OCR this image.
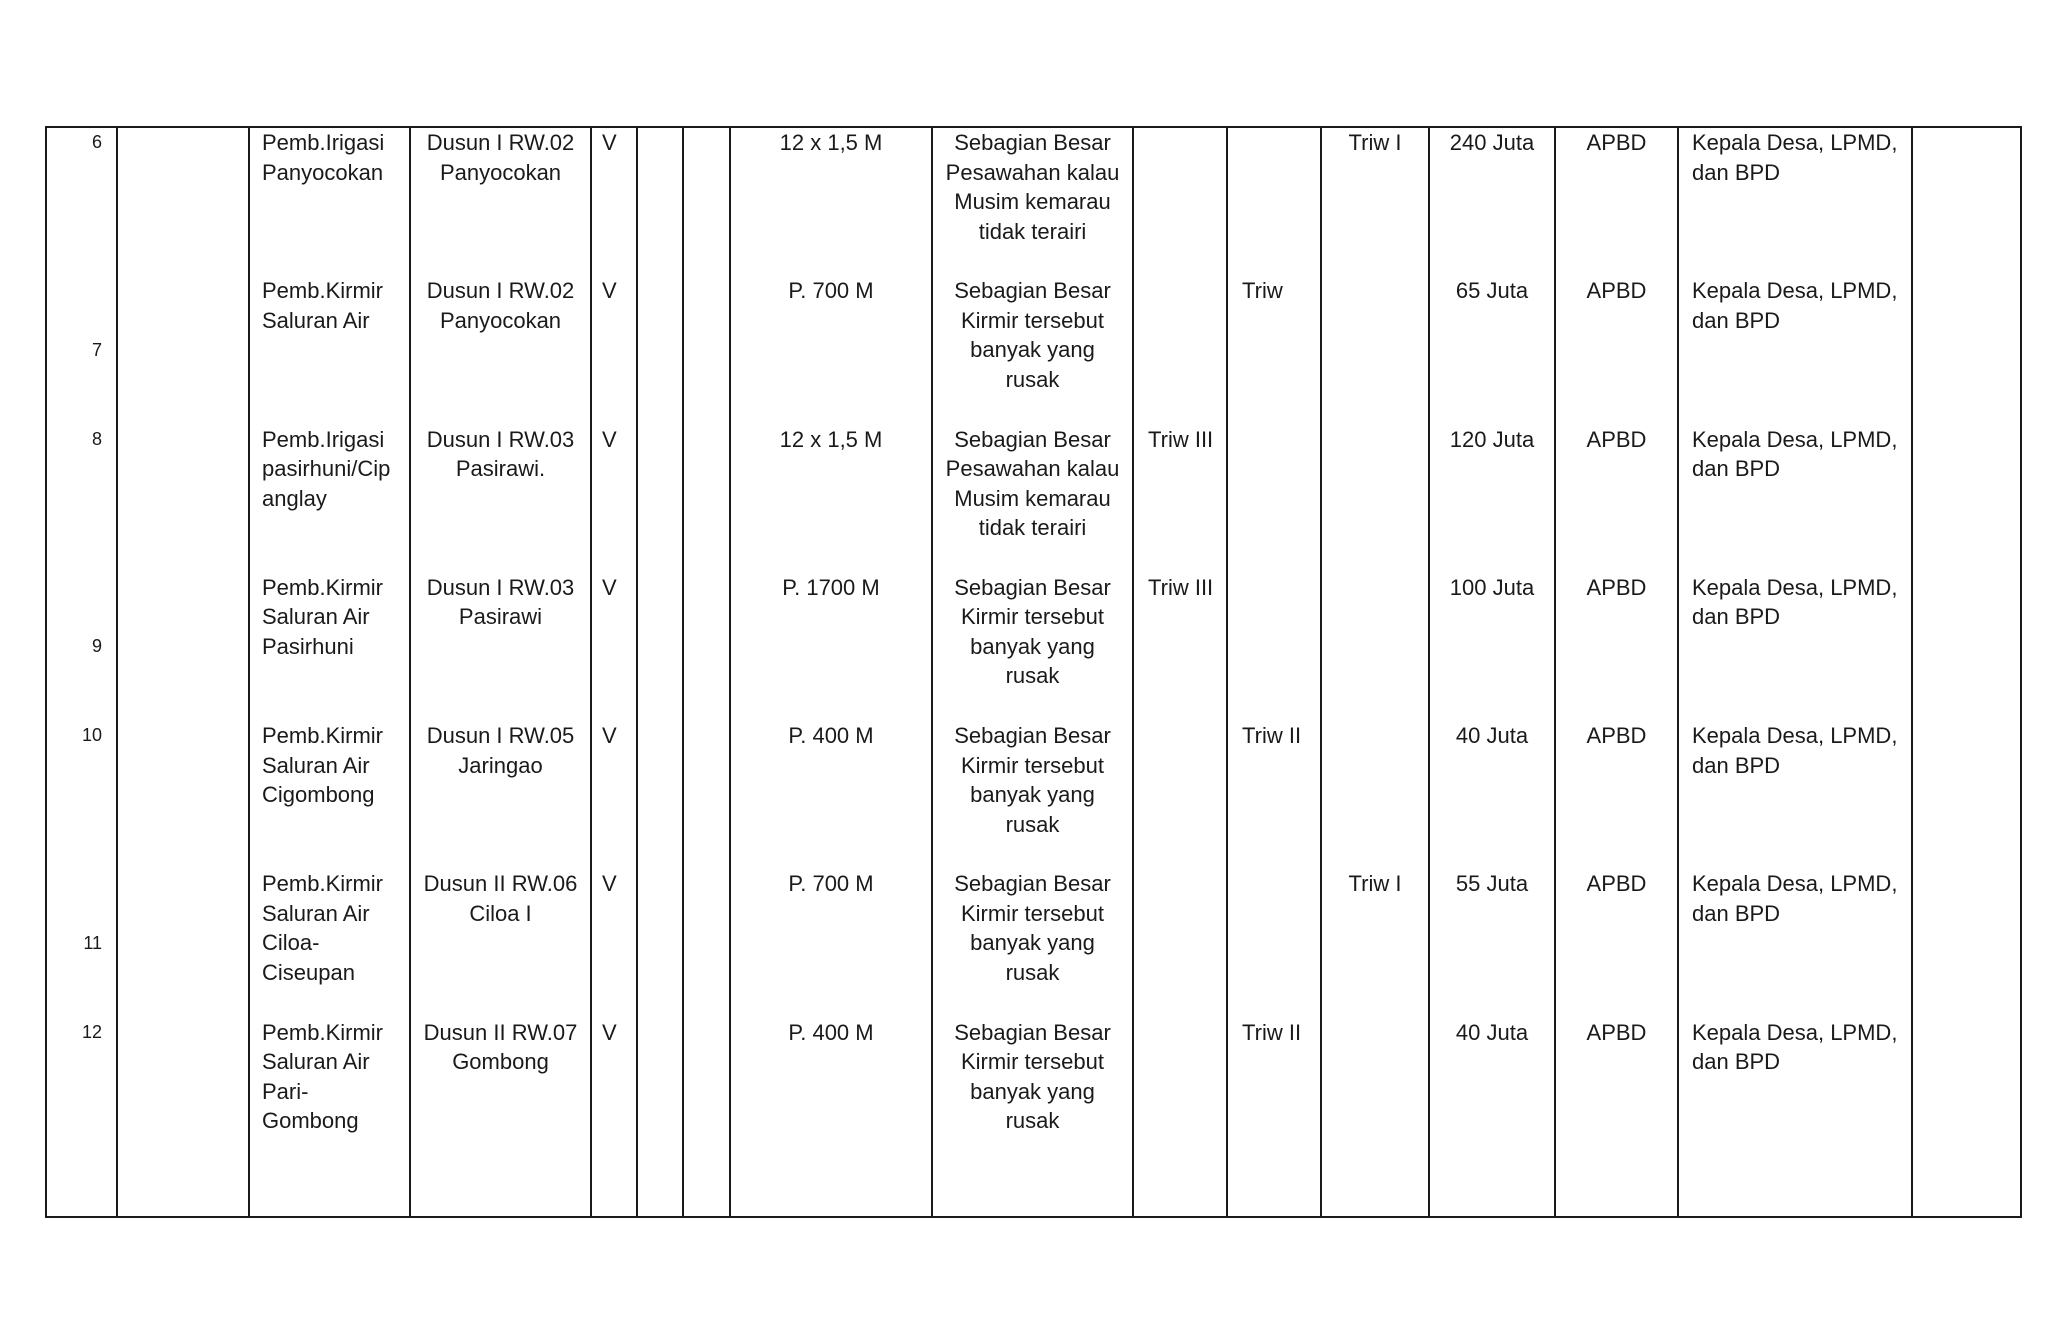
6		Pemb.Irigasi
Panyocokan	Dusun I RW.02
Panyocokan	V			12 x 1,5 M	Sebagian Besar
Pesawahan kalau
Musim kemarau
tidak terairi			Triw I	240 Juta	APBD	Kepala Desa, LPMD,
dan BPD	

7		Pemb.Kirmir
Saluran Air	Dusun I RW.02
Panyocokan	V			P. 700 M	Sebagian Besar
Kirmir tersebut
banyak yang
rusak		Triw		65 Juta	APBD	Kepala Desa, LPMD,
dan BPD	

8		Pemb.Irigasi
pasirhuni/Cip
anglay	Dusun I RW.03
Pasirawi.	V			12 x 1,5 M	Sebagian Besar
Pesawahan kalau
Musim kemarau
tidak terairi	Triw III			120 Juta	APBD	Kepala Desa, LPMD,
dan BPD	

9		Pemb.Kirmir
Saluran Air
Pasirhuni	Dusun I RW.03
Pasirawi	V			P. 1700 M	Sebagian Besar
Kirmir tersebut
banyak yang
rusak	Triw III			100 Juta	APBD	Kepala Desa, LPMD,
dan BPD	

10		Pemb.Kirmir
Saluran Air
Cigombong	Dusun I RW.05
Jaringao	V			P. 400 M	Sebagian Besar
Kirmir tersebut
banyak yang
rusak		Triw II		40 Juta	APBD	Kepala Desa, LPMD,
dan BPD	

11		Pemb.Kirmir
Saluran Air
Ciloa-
Ciseupan	Dusun II RW.06
Ciloa I	V			P. 700 M	Sebagian Besar
Kirmir tersebut
banyak yang
rusak			Triw I	55 Juta	APBD	Kepala Desa, LPMD,
dan BPD	

12		Pemb.Kirmir
Saluran Air
Pari-
Gombong	Dusun II RW.07
Gombong	V			P. 400 M	Sebagian Besar
Kirmir tersebut
banyak yang
rusak		Triw II		40 Juta	APBD	Kepala Desa, LPMD,
dan BPD	
